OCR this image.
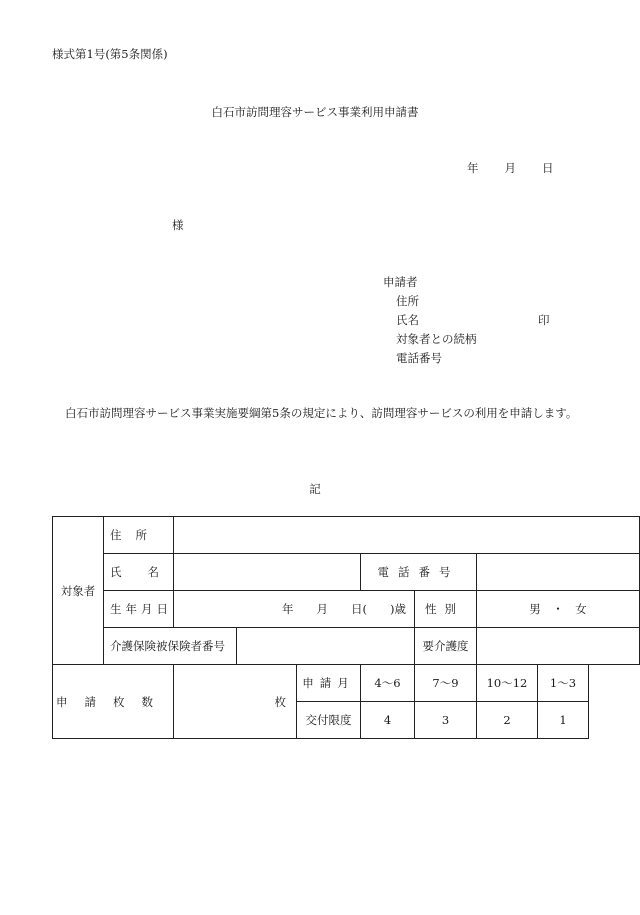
様式第1号(第5条関係)
白石市訪問理容サービス事業利用申請書
年 月 日
様
申請者
住所
氏名	印
対象者との続柄
電話番号
白石市訪問理容サービス事業実施要綱第5条の規定により、訪問理容サービスの利用を申請します。
記
対象者	住所							
	氏名				電話番号			
	生年月日	年　　月　　日(　　)歳				性別	男　・　女	
	介護保険被保険者番号					要介護度		
申請枚数		枚		申請月	4〜6	7〜9	10〜12	1〜3
				交付限度	4	3	2	1
